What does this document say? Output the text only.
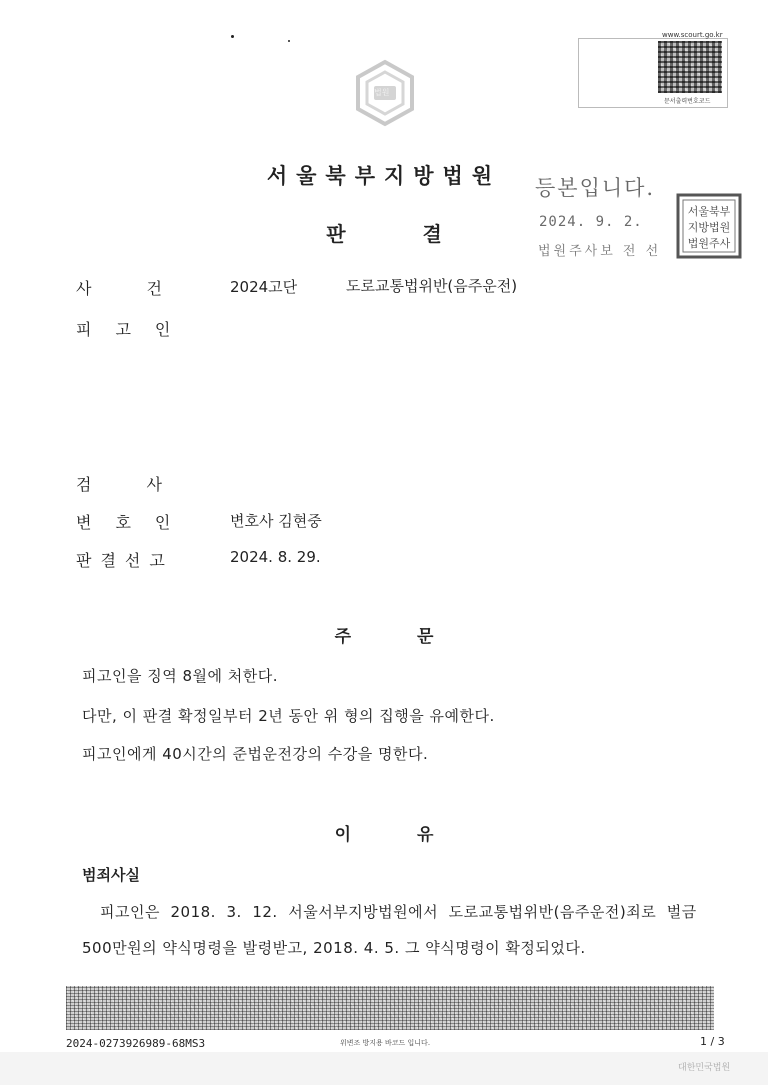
www.scourt.go.kr
문서출력번호코드
법원
서울북부지방법원
판 결
등본입니다.
2024. 9. 2.
법원주사보 전 선
서울북부
지방법원
법원주사
사건 2024고단	도로교통법위반(음주운전)
피고인
검사
변호인 변호사 김현중
판결선고	2024. 8. 29.
주 문
피고인을 징역 8월에 처한다.
다만, 이 판결 확정일부터 2년 동안 위 형의 집행을 유예한다.
피고인에게 40시간의 준법운전강의 수강을 명한다.
이 유
범죄사실
피고인은  2018.  3.  12.  서울서부지방법원에서  도로교통법위반(음주운전)죄로  벌금
500만원의 약식명령을 발령받고, 2018. 4. 5. 그 약식명령이 확정되었다.
2024-0273926989-68MS3	위변조 방지용 바코드 입니다.	1 / 3
대한민국법원
